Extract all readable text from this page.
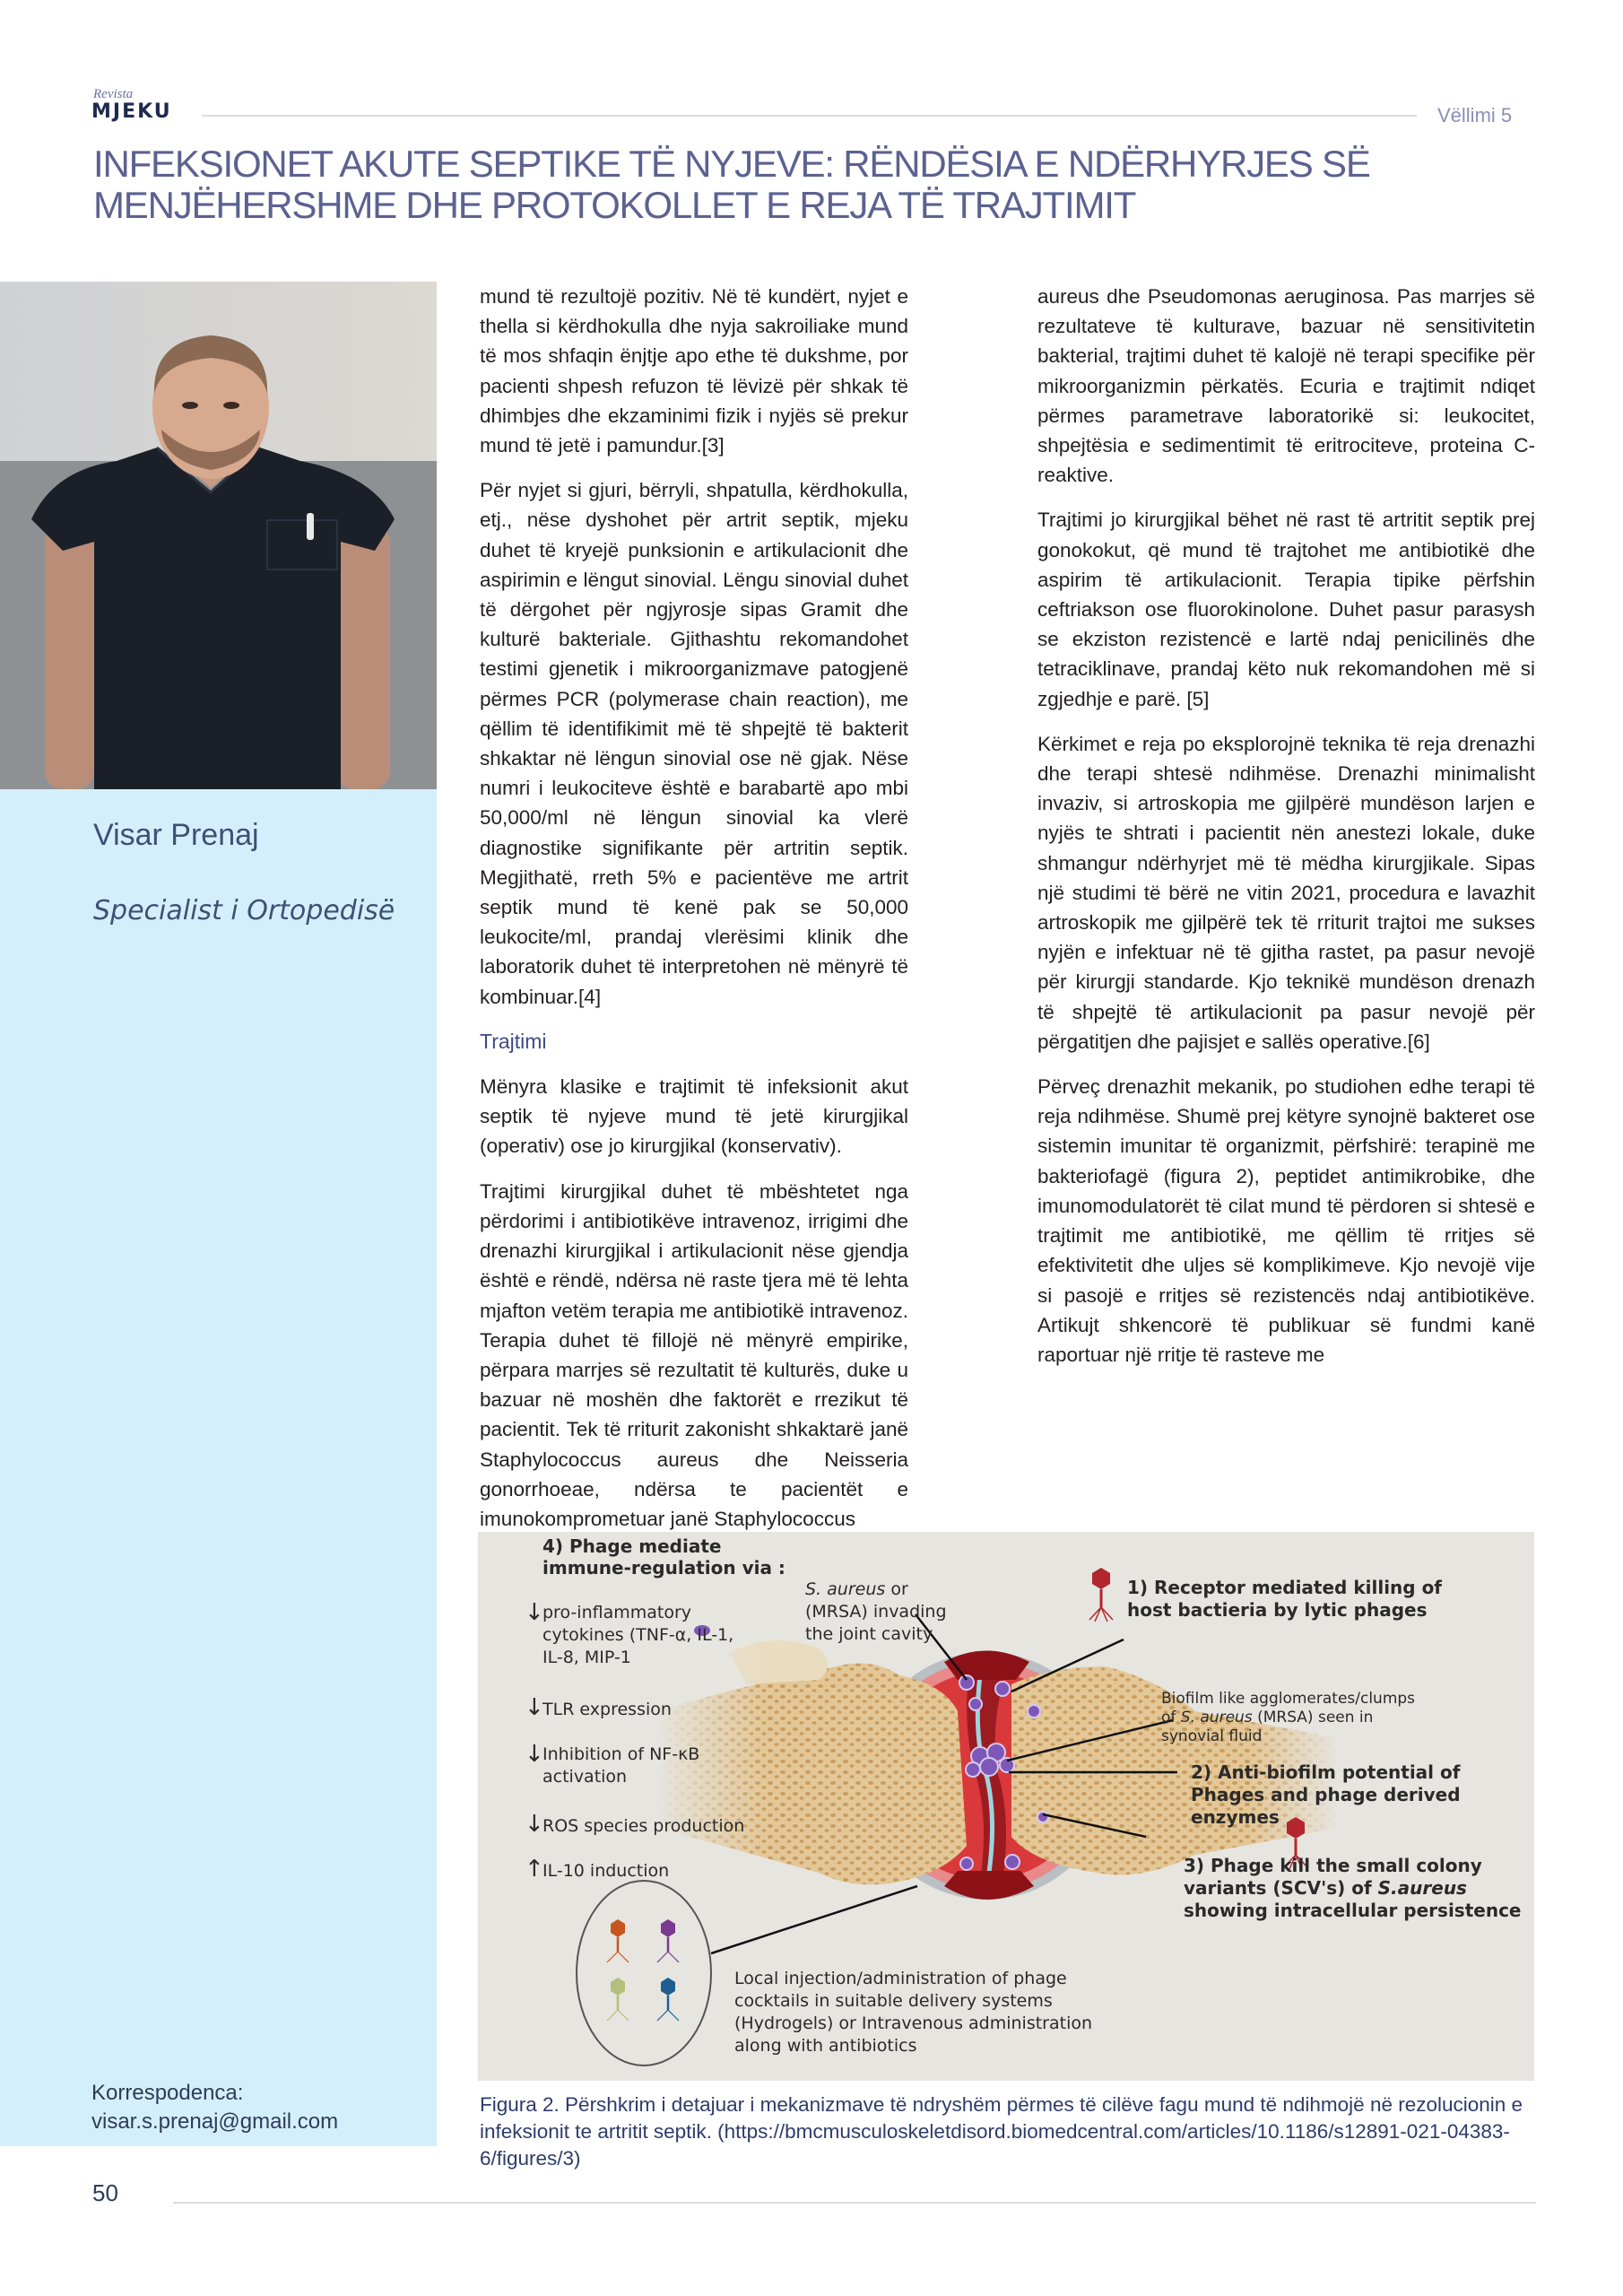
Revista
MJEKU	Vëllimi 5
INFEKSIONET AKUTE SEPTIKE TË NYJEVE: RËNDËSIA E NDËRHYRJES SË
MENJËHERSHME DHE PROTOKOLLET E REJA TË TRAJTIMIT
Visar Prenaj
Specialist i Ortopedisë
Korrespodenca:
visar.s.prenaj@gmail.com

mund të rezultojë pozitiv. Në të kundërt, nyjet e thella si kërdhokulla dhe nyja sakroiliake mund të mos shfaqin ënjtje apo ethe të dukshme, por pacienti shpesh refuzon të lëvizë për shkak të dhimbjes dhe ekzaminimi fizik i nyjës së prekur mund të jetë i pamundur.[3]

Për nyjet si gjuri, bërryli, shpatulla, kërdhokulla, etj., nëse dyshohet për artrit septik, mjeku duhet të kryejë punksionin e artikulacionit dhe aspirimin e lëngut sinovial. Lëngu sinovial duhet të dërgohet për ngjyrosje sipas Gramit dhe kulturë bakteriale. Gjithashtu rekomandohet testimi gjenetik i mikroorganizmave patogjenë përmes PCR (polymerase chain reaction), me qëllim të identifikimit më të shpejtë të bakterit shkaktar në lëngun sinovial ose në gjak. Nëse numri i leukociteve është e barabartë apo mbi 50,000/ml në lëngun sinovial ka vlerë diagnostike signifikante për artritin septik. Megjithatë, rreth 5% e pacientëve me artrit septik mund të kenë pak se 50,000 leukocite/ml, prandaj vlerësimi klinik dhe laboratorik duhet të interpretohen në mënyrë të kombinuar.[4]

Trajtimi

Mënyra klasike e trajtimit të infeksionit akut septik të nyjeve mund të jetë kirurgjikal (operativ) ose jo kirurgjikal (konservativ).

Trajtimi kirurgjikal duhet të mbështetet nga përdorimi i antibiotikëve intravenoz, irrigimi dhe drenazhi kirurgjikal i artikulacionit nëse gjendja është e rëndë, ndërsa në raste tjera më të lehta mjafton vetëm terapia me antibiotikë intravenoz. Terapia duhet të fillojë në mënyrë empirike, përpara marrjes së rezultatit të kulturës, duke u bazuar në moshën dhe faktorët e rrezikut të pacientit. Tek të rriturit zakonisht shkaktarë janë Staphylococcus aureus dhe Neisseria gonorrhoeae, ndërsa te pacientët e imunokomprometuar janë Staphylococcus

aureus dhe Pseudomonas aeruginosa. Pas marrjes së rezultateve të kulturave, bazuar në sensitivitetin bakterial, trajtimi duhet të kalojë në terapi specifike për mikroorganizmin përkatës. Ecuria e trajtimit ndiqet përmes parametrave laboratorikë si: leukocitet, shpejtësia e sedimentimit të eritrociteve, proteina C-reaktive.

Trajtimi jo kirurgjikal bëhet në rast të artritit septik prej gonokokut, që mund të trajtohet me antibiotikë dhe aspirim të artikulacionit. Terapia tipike përfshin ceftriakson ose fluorokinolone. Duhet pasur parasysh se ekziston rezistencë e lartë ndaj penicilinës dhe tetraciklinave, prandaj këto nuk rekomandohen më si zgjedhje e parë. [5]

Kërkimet e reja po eksplorojnë teknika të reja drenazhi dhe terapi shtesë ndihmëse. Drenazhi minimalisht invaziv, si artroskopia me gjilpërë mundëson larjen e nyjës te shtrati i pacientit nën anestezi lokale, duke shmangur ndërhyrjet më të mëdha kirurgjikale. Sipas një studimi të bërë ne vitin 2021, procedura e lavazhit artroskopik me gjilpërë tek të rriturit trajtoi me sukses nyjën e infektuar në të gjitha rastet, pa pasur nevojë për kirurgji standarde. Kjo teknikë mundëson drenazh të shpejtë të artikulacionit pa pasur nevojë për përgatitjen dhe pajisjet e sallës operative.[6]

Përveç drenazhit mekanik, po studiohen edhe terapi të reja ndihmëse. Shumë prej këtyre synojnë bakteret ose sistemin imunitar të organizmit, përfshirë: terapinë me bakteriofagë (figura 2), peptidet antimikrobike, dhe imunomodulatorët të cilat mund të përdoren si shtesë e trajtimit me antibiotikë, me qëllim të rritjes së efektivitetit dhe uljes së komplikimeve. Kjo nevojë vije si pasojë e rritjes së rezistencës ndaj antibiotikëve. Artikujt shkencorë të publikuar së fundmi kanë raportuar një rritje të rasteve me

4) Phage mediate
immune-regulation via :
↓
pro-inflammatory
cytokines (TNF-α, IL-1,
IL-8, MIP-1
↓
TLR expression
↓
Inhibition of NF-κB
activation
↓
ROS species production
↑
IL-10 induction
S. aureus or
(MRSA) invading
the joint cavity
1) Receptor mediated killing of
host bactieria by lytic phages
Biofilm like agglomerates/clumps
of S. aureus (MRSA) seen in
synovial fluid
2) Anti-biofilm potential of
Phages and phage derived
enzymes
3) Phage kill the small colony
variants (SCV's) of S.aureus
showing intracellular persistence
Local injection/administration of phage
cocktails in suitable delivery systems
(Hydrogels) or Intravenous administration
along with antibiotics
Figura 2. Përshkrim i detajuar i mekanizmave të ndryshëm përmes të cilëve fagu mund të ndihmojë në rezolucionin e infeksionit te artritit septik. (https://bmcmusculoskeletdisord.biomedcentral.com/articles/10.1186/s12891-021-04383-6/figures/3)
50
